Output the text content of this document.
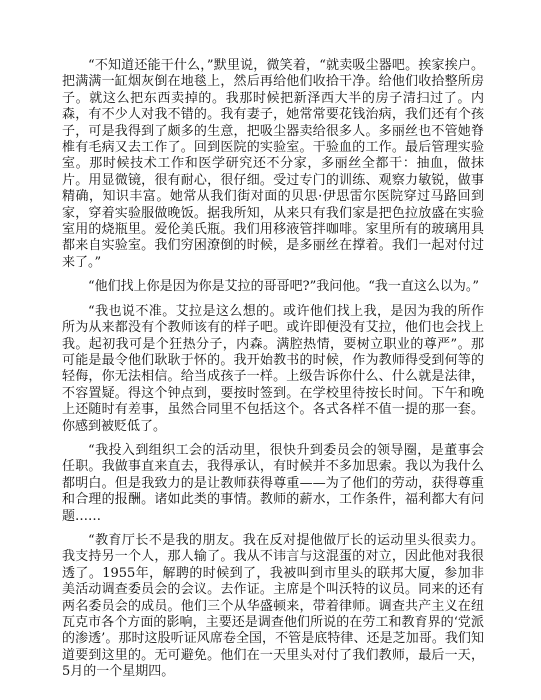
“不知道还能干什么，”默里说，微笑着，“就卖吸尘器吧。挨家挨户。把满满一缸烟灰倒在地毯上，然后再给他们收拾干净。给他们收拾整所房子。就这么把东西卖掉的。我那时候把新泽西大半的房子清扫过了。内森，有不少人对我不错的。我有妻子，她常常要花钱治病，我们还有个孩子，可是我得到了颇多的生意，把吸尘器卖给很多人。多丽丝也不管她脊椎有毛病又去工作了。回到医院的实验室。干验血的工作。最后管理实验室。那时候技术工作和医学研究还不分家，多丽丝全都干：抽血，做抹片。用显微镜，很有耐心，很仔细。受过专门的训练、观察力敏锐，做事精确，知识丰富。她常从我们街对面的贝思·伊思雷尔医院穿过马路回到家，穿着实验服做晚饭。据我所知，从来只有我们家是把色拉放盛在实验室用的烧瓶里。爱伦美氏瓶。我们用移液管拌咖啡。家里所有的玻璃用具都来自实验室。我们穷困潦倒的时候，是多丽丝在撑着。我们一起对付过来了。”

“他们找上你是因为你是艾拉的哥哥吧?”我问他。“我一直这么以为。”

“我也说不准。艾拉是这么想的。或许他们找上我，是因为我的所作所为从来都没有个教师该有的样子吧。或许即便没有艾拉，他们也会找上我。起初我可是个狂热分子，内森。满腔热情，要树立职业的尊严”。那可能是最令他们耿耿于怀的。我开始教书的时候，作为教师得受到何等的轻侮，你无法相信。给当成孩子一样。上级告诉你什么、什么就是法律，不容置疑。得这个钟点到，要按时签到。在学校里待按长时间。下午和晚上还随时有差事，虽然合同里不包括这个。各式各样不值一提的那一套。你感到被贬低了。

“我投入到组织工会的活动里，很快升到委员会的领导圈，是董事会任职。我做事直来直去，我得承认，有时候并不多加思索。我以为我什么都明白。但是我致力的是让教师获得尊重——为了他们的劳动，获得尊重和合理的报酬。诸如此类的事情。教师的薪水，工作条件，福利都大有问题……

“教育厅长不是我的朋友。我在反对提他做厅长的运动里头很卖力。我支持另一个人，那人输了。我从不讳言与这混蛋的对立，因此他对我很透了。1955年，解聘的时候到了，我被叫到市里头的联邦大厦，参加非美活动调查委员会的会议。去作证。主席是个叫沃特的议员。同来的还有两名委员会的成员。他们三个从华盛顿来，带着律师。调查共产主义在纽瓦克市各个方面的影响，主要还是调查他们所说的在劳工和教育界的‘党派的渗透’。那时这股听证风席卷全国，不管是底特律、还是芝加哥。我们知道要到这里的。无可避免。他们在一天里头对付了我们教师，最后一天，5月的一个星期四。
